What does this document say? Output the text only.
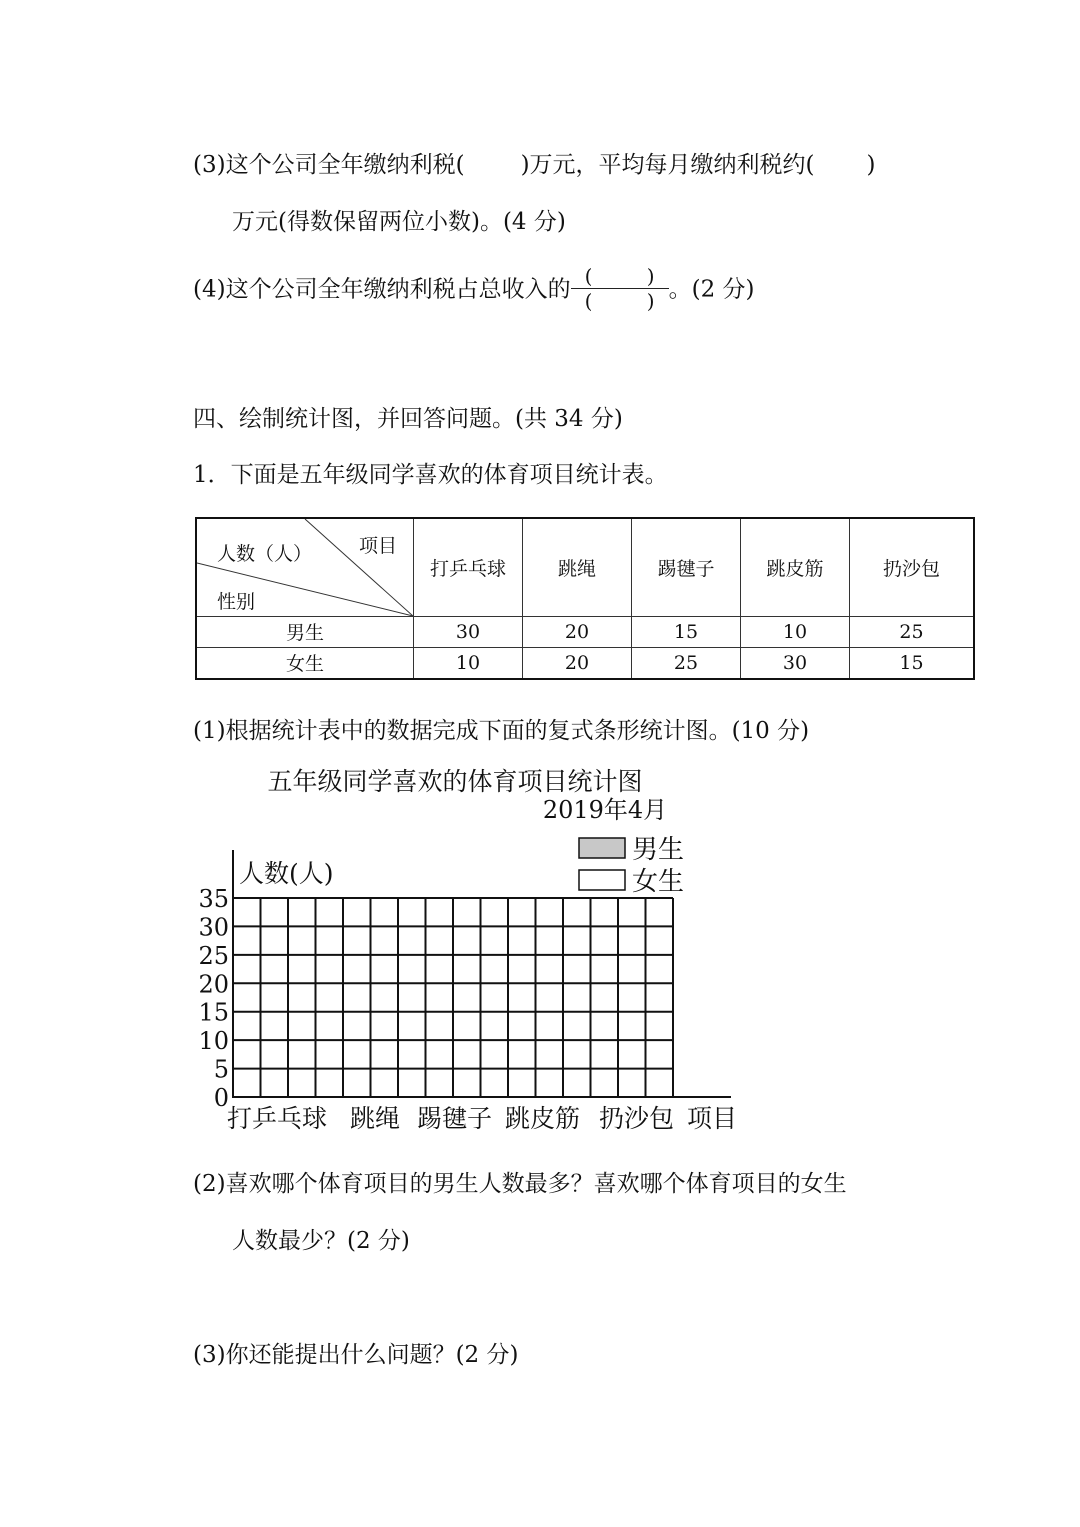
(3)这个公司全年缴纳利税( )万元，平均每月缴纳利税约( )
万元(得数保留两位小数)。(4 分)
(4)这个公司全年缴纳利税占总收入的 (	)
(	) 。(2 分)
四、绘制统计图，并回答问题。(共 34 分)
1．下面是五年级同学喜欢的体育项目统计表。
项目
人数（人）
性别	打乒乓球	跳绳	踢毽子	跳皮筋	扔沙包
男生	30	20	15	10	25
女生	10	20	25	30	15
(1)根据统计表中的数据完成下面的复式条形统计图。(10 分)
五年级同学喜欢的体育项目统计图
2019年4月
男生
女生
人数(人)
0
5
10
15
20
25
30
35
打乒乓球 跳绳 踢毽子 跳皮筋 扔沙包 项目
(2)喜欢哪个体育项目的男生人数最多？喜欢哪个体育项目的女生
人数最少？(2 分)
(3)你还能提出什么问题？(2 分)
